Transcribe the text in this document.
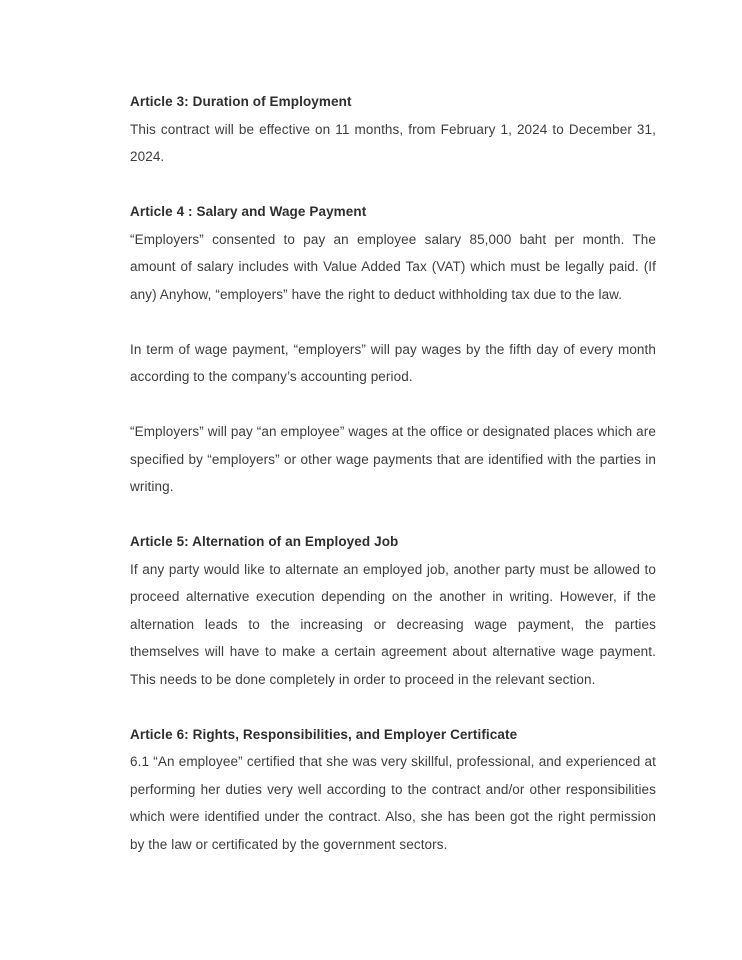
Article 3: Duration of Employment

This contract will be effective on 11 months, from February 1, 2024 to December 31, 2024.

Article 4 : Salary and Wage Payment

“Employers” consented to pay an employee salary 85,000 baht per month. The amount of salary includes with Value Added Tax (VAT) which must be legally paid. (If any) Anyhow, “employers” have the right to deduct withholding tax due to the law.

In term of wage payment, “employers” will pay wages by the fifth day of every month according to the company’s accounting period.

“Employers” will pay “an employee” wages at the office or designated places which are specified by “employers” or other wage payments that are identified with the parties in writing.

Article 5: Alternation of an Employed Job

If any party would like to alternate an employed job, another party must be allowed to proceed alternative execution depending on the another in writing. However, if the alternation leads to the increasing or decreasing wage payment, the parties themselves will have to make a certain agreement about alternative wage payment. This needs to be done completely in order to proceed in the relevant section.

Article 6: Rights, Responsibilities, and Employer Certificate

6.1 “An employee” certified that she was very skillful, professional, and experienced at performing her duties very well according to the contract and/or other responsibilities which were identified under the contract. Also, she has been got the right permission by the law or certificated by the government sectors.
